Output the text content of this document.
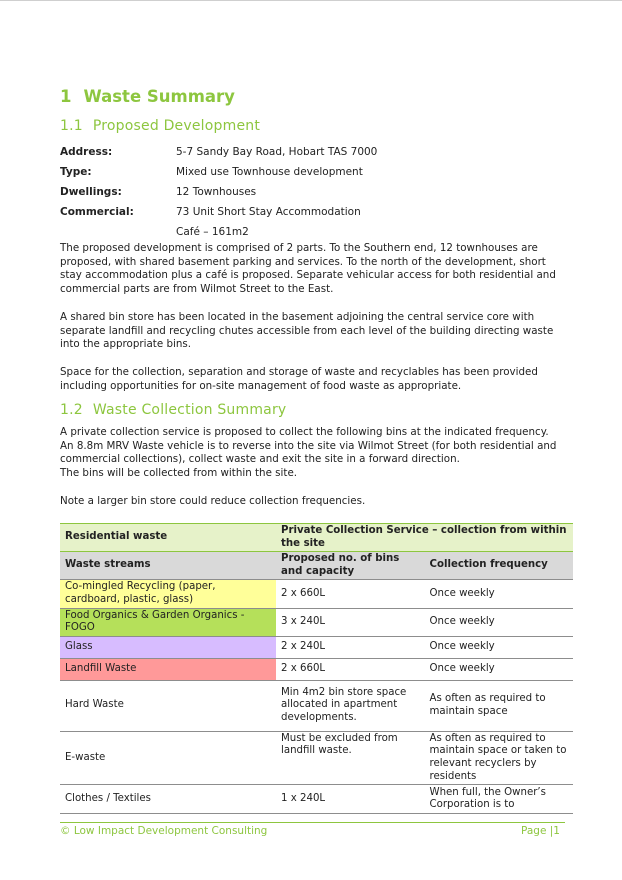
1 Waste Summary
1.1 Proposed Development
Address:	5-7 Sandy Bay Road, Hobart TAS 7000
Type:	Mixed use Townhouse development
Dwellings:	12 Townhouses
Commercial:	73 Unit Short Stay Accommodation
Café – 161m2

The proposed development is comprised of 2 parts. To the Southern end, 12 townhouses are proposed, with shared basement parking and services. To the north of the development, short stay accommodation plus a café is proposed. Separate vehicular access for both residential and commercial parts are from Wilmot Street to the East.

A shared bin store has been located in the basement adjoining the central service core with separate landfill and recycling chutes accessible from each level of the building directing waste into the appropriate bins.

Space for the collection, separation and storage of waste and recyclables has been provided including opportunities for on-site management of food waste as appropriate.

1.2 Waste Collection Summary

A private collection service is proposed to collect the following bins at the indicated frequency.

An 8.8m MRV Waste vehicle is to reverse into the site via Wilmot Street (for both residential and commercial collections), collect waste and exit the site in a forward direction.

The bins will be collected from within the site.

Note a larger bin store could reduce collection frequencies.

Residential waste	Private Collection Service – collection from within the site	
Waste streams	Proposed no. of bins and capacity	Collection frequency
Co-mingled Recycling (paper, cardboard, plastic, glass)	2 x 660L	Once weekly
Food Organics & Garden Organics - FOGO	3 x 240L	Once weekly
Glass	2 x 240L	Once weekly
Landfill Waste	2 x 660L	Once weekly
Hard Waste	Min 4m2 bin store space allocated in apartment developments.	As often as required to maintain space
E-waste	Must be excluded from landfill waste.	As often as required to maintain space or taken to relevant recyclers by residents
Clothes / Textiles	1 x 240L	When full, the Owner’s Corporation is to
© Low Impact Development Consulting	Page |1
